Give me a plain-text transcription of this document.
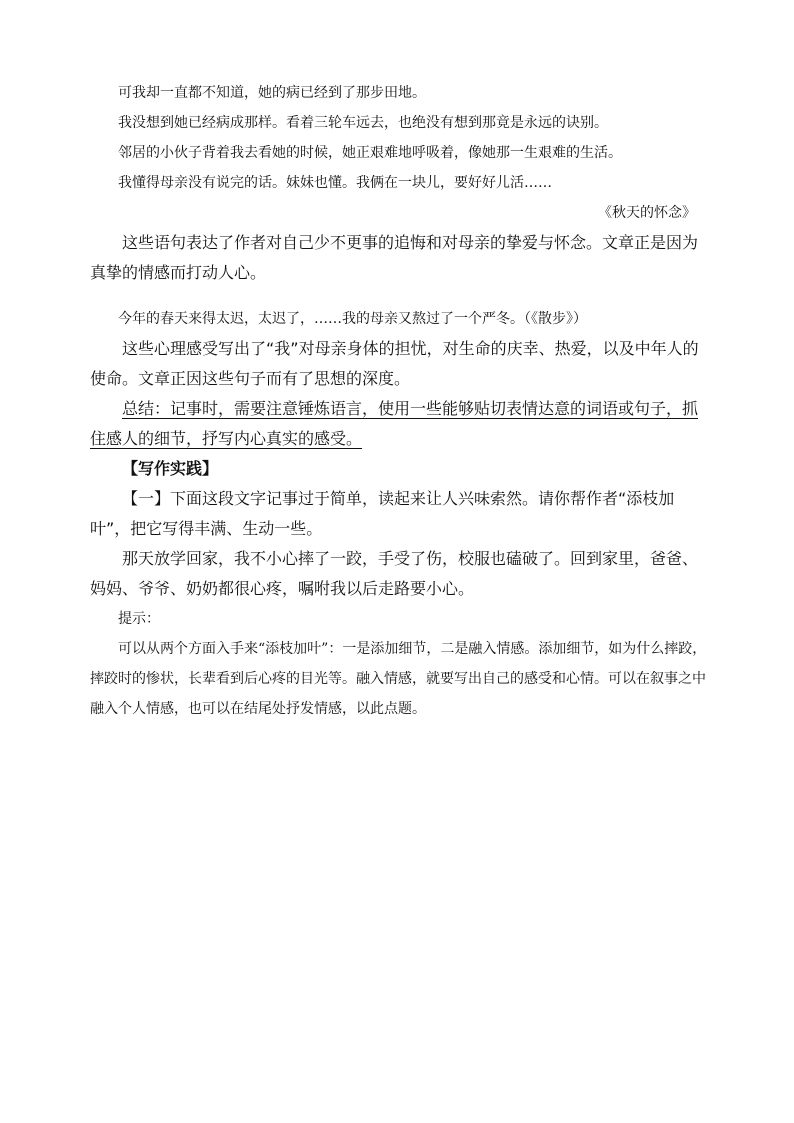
可我却一直都不知道，她的病已经到了那步田地。

我没想到她已经病成那样。看着三轮车远去，也绝没有想到那竟是永远的诀别。

邻居的小伙子背着我去看她的时候，她正艰难地呼吸着，像她那一生艰难的生活。

我懂得母亲没有说完的话。妹妹也懂。我俩在一块儿，要好好儿活……

《秋天的怀念》

这些语句表达了作者对自己少不更事的追悔和对母亲的挚爱与怀念。文章正是因为真挚的情感而打动人心。

今年的春天来得太迟，太迟了，……我的母亲又熬过了一个严冬。（《散步》）

这些心理感受写出了“我”对母亲身体的担忧，对生命的庆幸、热爱，以及中年人的使命。文章正因这些句子而有了思想的深度。

总结：记事时，需要注意锤炼语言，使用一些能够贴切表情达意的词语或句子，抓住感人的细节，抒写内心真实的感受。

【写作实践】

【一】下面这段文字记事过于简单，读起来让人兴味索然。请你帮作者“添枝加叶”，把它写得丰满、生动一些。

那天放学回家，我不小心摔了一跤，手受了伤，校服也磕破了。回到家里，爸爸、妈妈、爷爷、奶奶都很心疼，嘱咐我以后走路要小心。

提示：

可以从两个方面入手来“添枝加叶”：一是添加细节，二是融入情感。添加细节，如为什么摔跤，摔跤时的惨状，长辈看到后心疼的目光等。融入情感，就要写出自己的感受和心情。可以在叙事之中融入个人情感，也可以在结尾处抒发情感，以此点题。
